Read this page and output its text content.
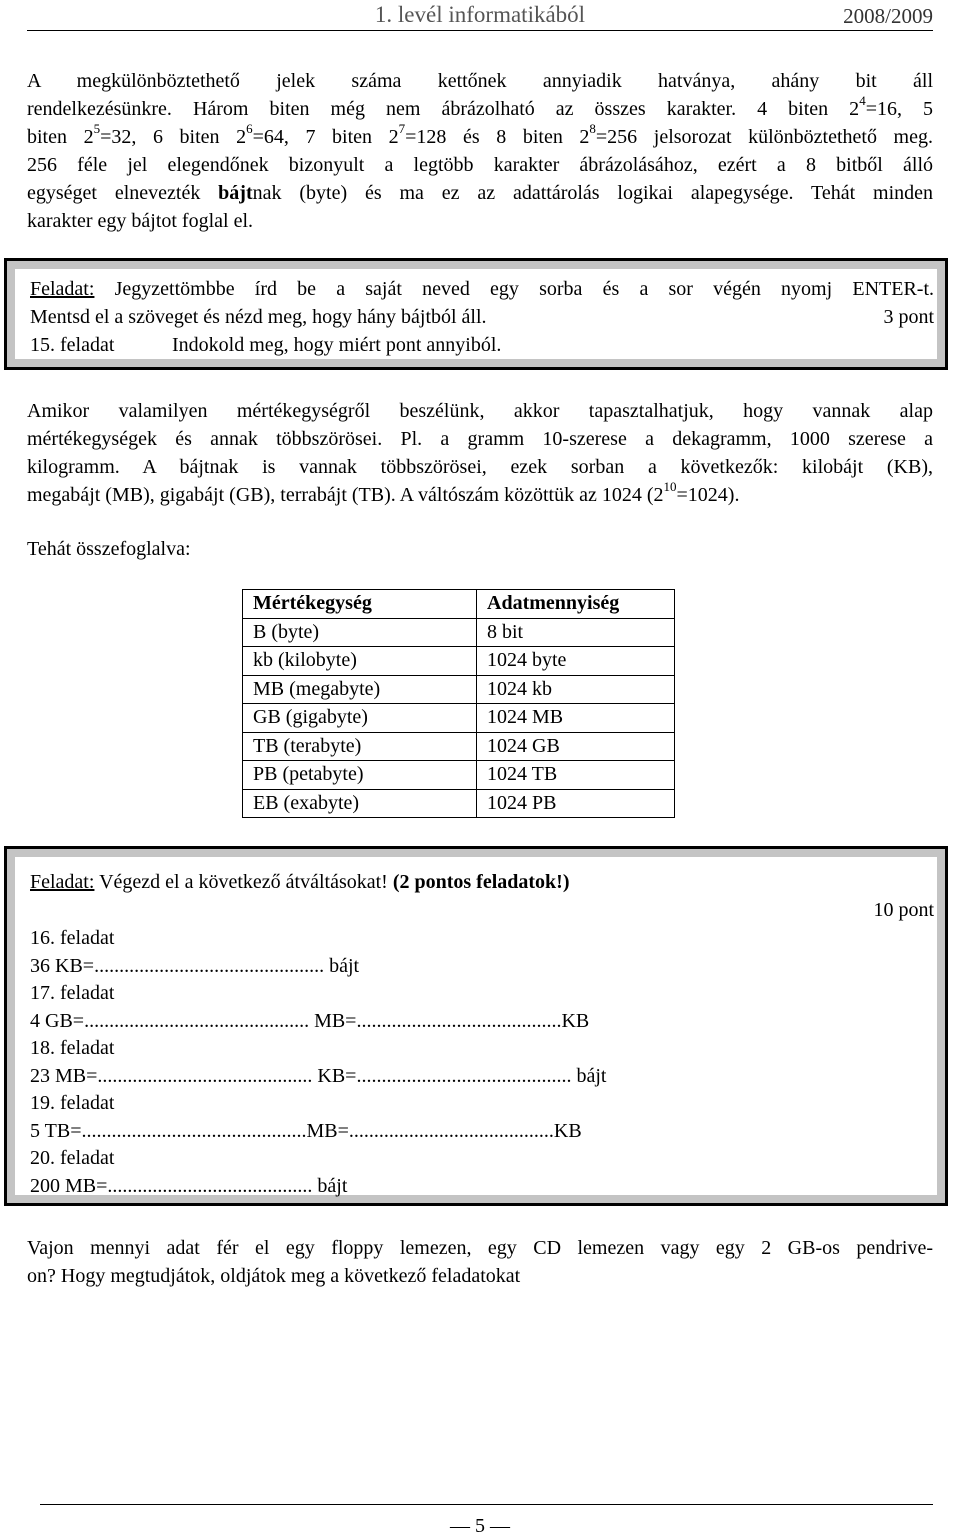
1. levél informatikából	2008/2009
A megkülönböztethető jelek száma kettőnek annyiadik hatványa, ahány bit áll
rendelkezésünkre. Három biten még nem ábrázolható az összes karakter. 4 biten $2^4=16$, 5
biten $2^5=32$, 6 biten $2^6=64$, 7 biten $2^7=128$ és 8 biten $2^8=256$ jelsorozat különböztethető meg.
256 féle jel elegendőnek bizonyult a legtöbb karakter ábrázolásához, ezért a 8 bitből álló
egységet elnevezték bájtnak (byte) és ma ez az adattárolás logikai alapegysége. Tehát minden
karakter egy bájtot foglal el.
Feladat: Jegyzettömbbe írd be a saját neved egy sorba és a sor végén nyomj ENTER-t.
Mentsd el a szöveget és nézd meg, hogy hány bájtból áll.	3 pont
15. feladat	Indokold meg, hogy miért pont annyiból.
Amikor valamilyen mértékegységről beszélünk, akkor tapasztalhatjuk, hogy vannak alap
mértékegységek és annak többszörösei. Pl. a gramm 10-szerese a dekagramm, 1000 szerese a
kilogramm. A bájtnak is vannak többszörösei, ezek sorban a következők: kilobájt (KB),
megabájt (MB), gigabájt (GB), terrabájt (TB). A váltószám közöttük az 1024 $(2^{10}=1024)$.
Tehát összefoglalva:
Mértékegység	Adatmennyiség
B (byte)	8 bit
kb (kilobyte)	1024 byte
MB (megabyte)	1024 kb
GB (gigabyte)	1024 MB
TB (terabyte)	1024 GB
PB (petabyte)	1024 TB
EB (exabyte)	1024 PB
Feladat: Végezd el a következő átváltásokat! (2 pontos feladatok!)
10 pont
16. feladat
36 KB=.............................................. bájt
17. feladat
4 GB=............................................. MB=.........................................KB
18. feladat
23 MB=........................................... KB=........................................... bájt
19. feladat
5 TB=.............................................MB=.........................................KB
20. feladat
200 MB=......................................... bájt
Vajon mennyi adat fér el egy floppy lemezen, egy CD lemezen vagy egy 2 GB-os pendrive-
on? Hogy megtudjátok, oldjátok meg a következő feladatokat
— 5 —
